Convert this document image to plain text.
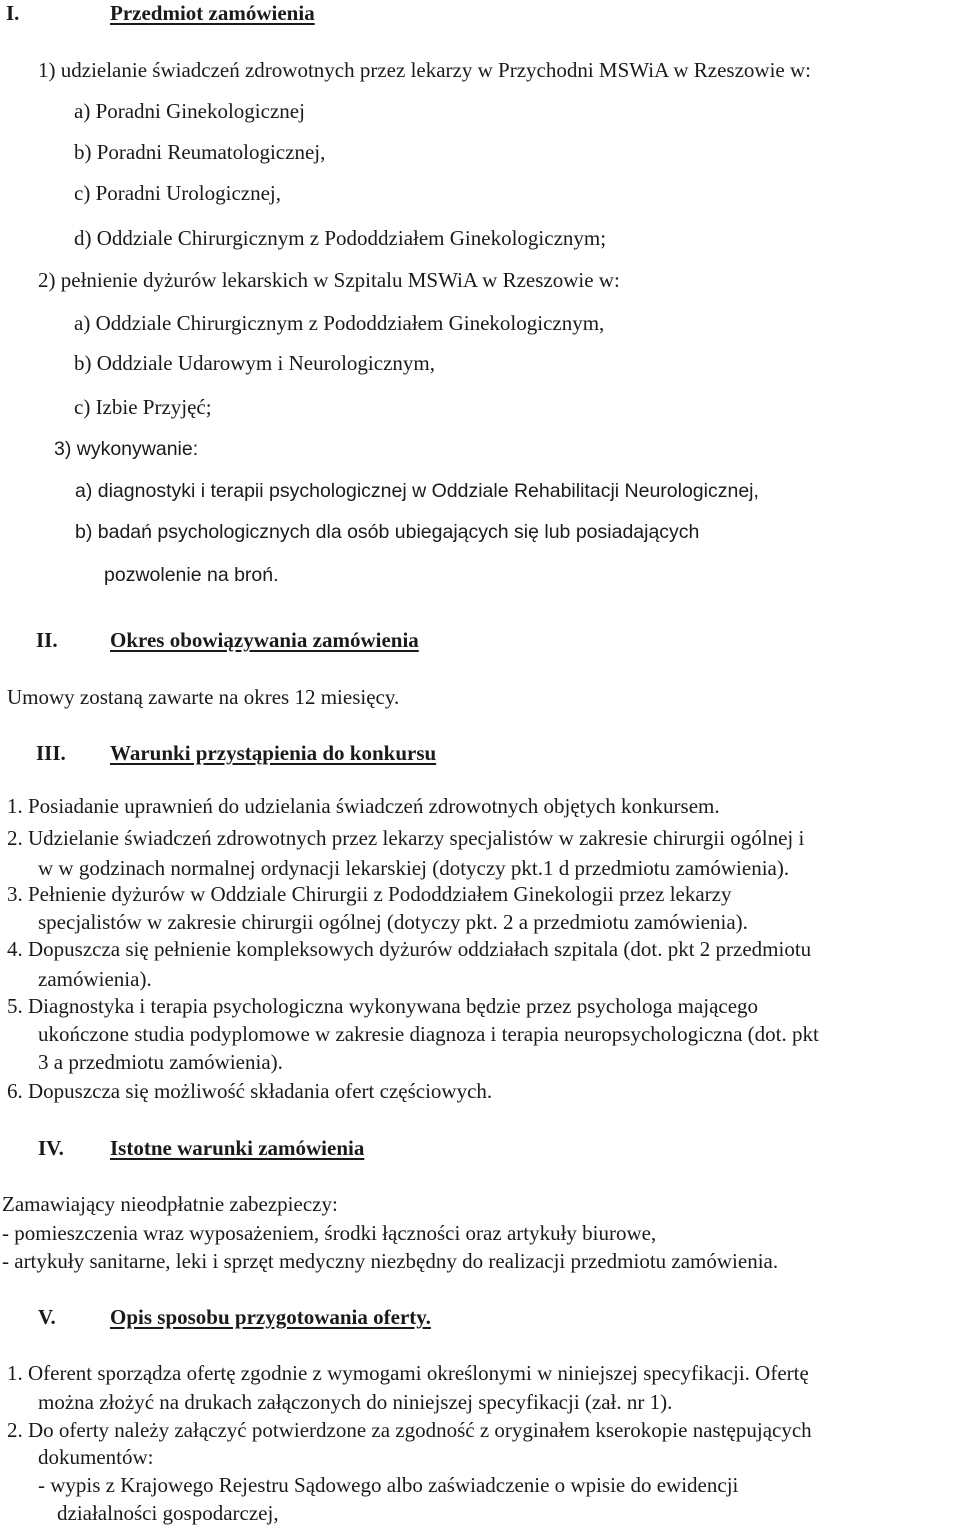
I.	Przedmiot zamówienia
1) udzielanie świadczeń zdrowotnych przez lekarzy w Przychodni MSWiA w Rzeszowie w:
a) Poradni Ginekologicznej
b) Poradni Reumatologicznej,
c) Poradni Urologicznej,
d) Oddziale Chirurgicznym z Pododdziałem Ginekologicznym;
2) pełnienie dyżurów lekarskich w Szpitalu MSWiA w Rzeszowie w:
a) Oddziale Chirurgicznym z Pododdziałem Ginekologicznym,
b) Oddziale Udarowym i Neurologicznym,
c) Izbie Przyjęć;
3) wykonywanie:
a) diagnostyki i terapii psychologicznej w Oddziale Rehabilitacji Neurologicznej,
b) badań psychologicznych dla osób ubiegających się lub posiadających
pozwolenie na broń.
II. Okres obowiązywania zamówienia
Umowy zostaną zawarte na okres 12 miesięcy.
III. Warunki przystąpienia do konkursu
1. Posiadanie uprawnień do udzielania świadczeń zdrowotnych objętych konkursem.
2. Udzielanie świadczeń zdrowotnych przez lekarzy specjalistów w zakresie chirurgii ogólnej i
w w godzinach normalnej ordynacji lekarskiej (dotyczy pkt.1 d przedmiotu zamówienia).
3. Pełnienie dyżurów w Oddziale Chirurgii z Pododdziałem Ginekologii przez lekarzy
specjalistów w zakresie chirurgii ogólnej (dotyczy pkt. 2 a przedmiotu zamówienia).
4. Dopuszcza się pełnienie kompleksowych dyżurów oddziałach szpitala (dot. pkt 2 przedmiotu
zamówienia).
5. Diagnostyka i terapia psychologiczna wykonywana będzie przez psychologa mającego
ukończone studia podyplomowe w zakresie diagnoza i terapia neuropsychologiczna (dot. pkt
3 a przedmiotu zamówienia).
6. Dopuszcza się możliwość składania ofert częściowych.
IV. Istotne warunki zamówienia
Zamawiający nieodpłatnie zabezpieczy:
- pomieszczenia wraz wyposażeniem, środki łączności oraz artykuły biurowe,
- artykuły sanitarne, leki i sprzęt medyczny niezbędny do realizacji przedmiotu zamówienia.
V.	Opis sposobu przygotowania oferty.
1. Oferent sporządza ofertę zgodnie z wymogami określonymi w niniejszej specyfikacji. Ofertę
można złożyć na drukach załączonych do niniejszej specyfikacji (zał. nr 1).
2. Do oferty należy załączyć potwierdzone za zgodność z oryginałem kserokopie następujących
dokumentów:
- wypis z Krajowego Rejestru Sądowego albo zaświadczenie o wpisie do ewidencji
działalności gospodarczej,
